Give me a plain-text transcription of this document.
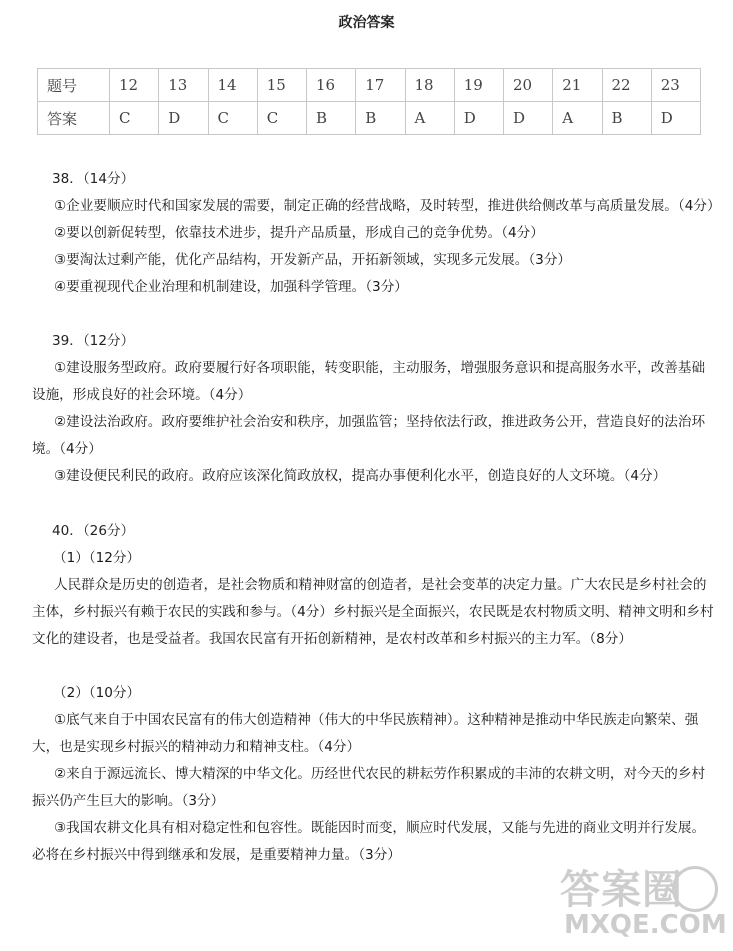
政治答案
题号	12	13	14	15	16	17	18	19	20	21	22	23
答案	C	D	C	C	B	B	A	D	D	A	B	D
38．（14分）

①企业要顺应时代和国家发展的需要，制定正确的经营战略，及时转型，推进供给侧改革与高质量发展。（4分）

②要以创新促转型，依靠技术进步，提升产品质量，形成自己的竞争优势。（4分）

③要淘汰过剩产能，优化产品结构，开发新产品，开拓新领域，实现多元发展。（3分）

④要重视现代企业治理和机制建设，加强科学管理。（3分）

39．（12分）

①建设服务型政府。政府要履行好各项职能，转变职能，主动服务，增强服务意识和提高服务水平，改善基础设施，形成良好的社会环境。（4分）

②建设法治政府。政府要维护社会治安和秩序，加强监管；坚持依法行政，推进政务公开，营造良好的法治环境。（4分）

③建设便民利民的政府。政府应该深化简政放权，提高办事便利化水平，创造良好的人文环境。（4分）

40．（26分）
（1）（12分）

人民群众是历史的创造者，是社会物质和精神财富的创造者，是社会变革的决定力量。广大农民是乡村社会的主体，乡村振兴有赖于农民的实践和参与。（4分）乡村振兴是全面振兴，农民既是农村物质文明、精神文明和乡村文化的建设者，也是受益者。我国农民富有开拓创新精神，是农村改革和乡村振兴的主力军。（8分）

（2）（10分）

①底气来自于中国农民富有的伟大创造精神（伟大的中华民族精神）。这种精神是推动中华民族走向繁荣、强大，也是实现乡村振兴的精神动力和精神支柱。（4分）

②来自于源远流长、博大精深的中华文化。历经世代农民的耕耘劳作积累成的丰沛的农耕文明，对今天的乡村振兴仍产生巨大的影响。（3分）

③我国农耕文化具有相对稳定性和包容性。既能因时而变，顺应时代发展，又能与先进的商业文明并行发展。必将在乡村振兴中得到继承和发展，是重要精神力量。（3分）

答案圈
MXQE.COM
